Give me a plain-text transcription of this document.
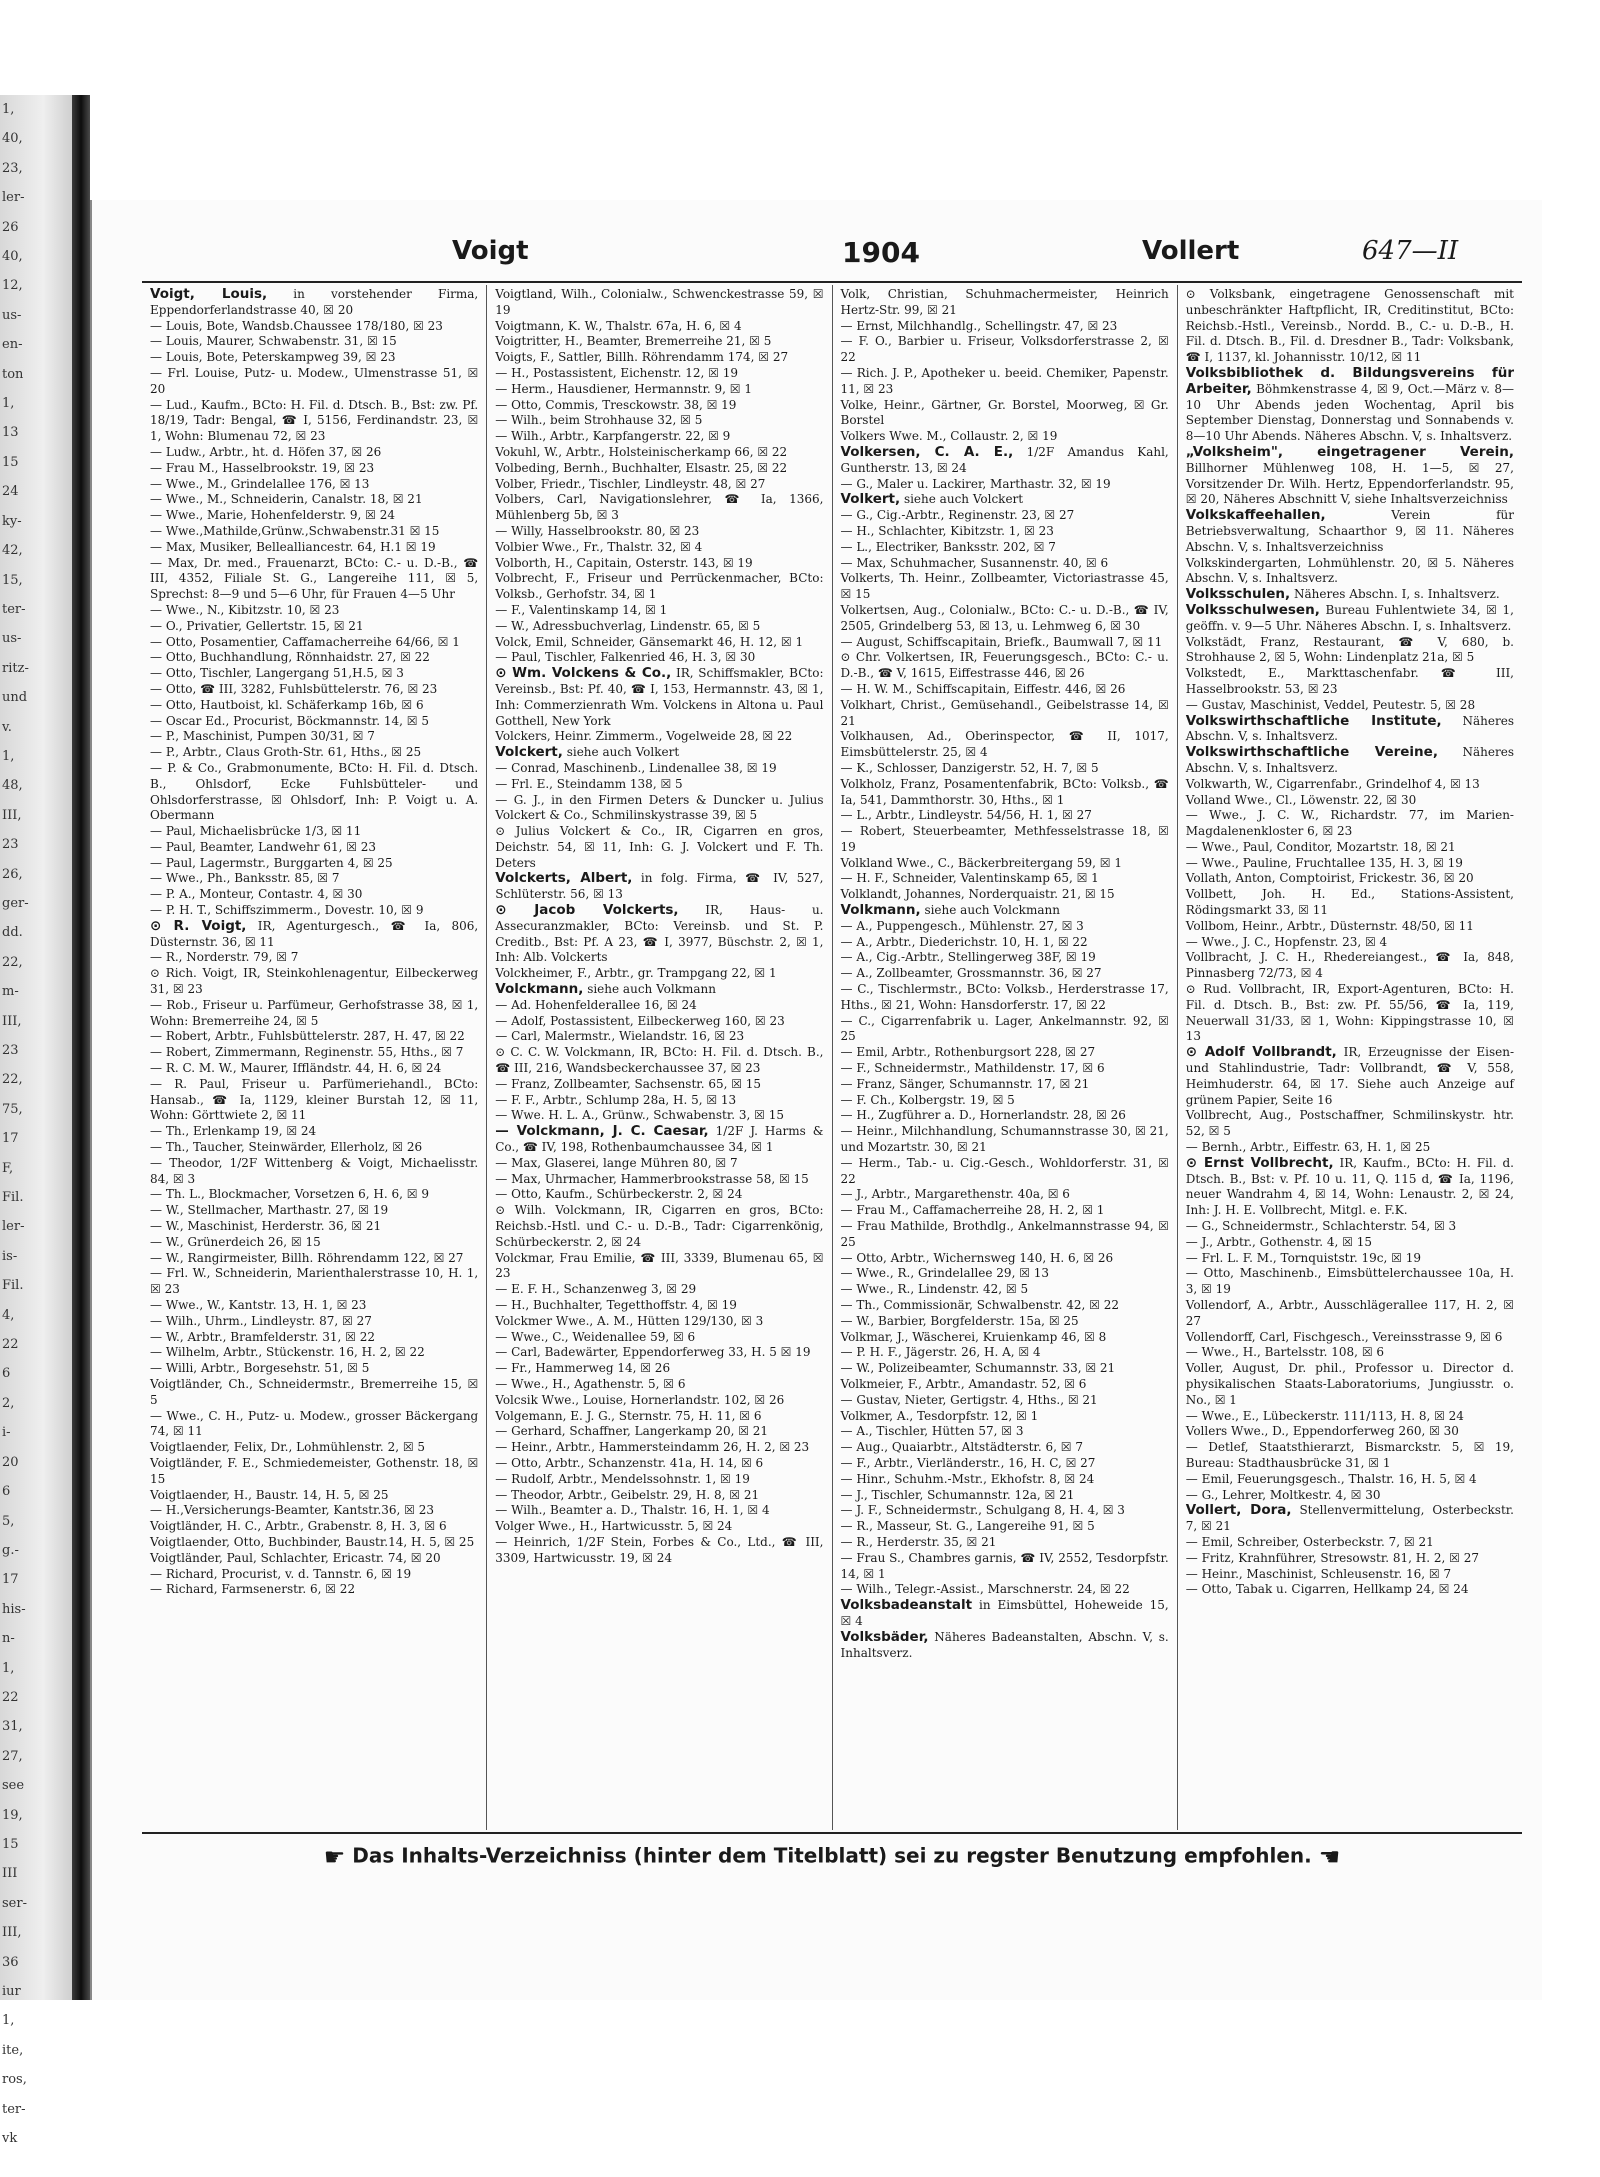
1,
40,
23,
ler-
26
40,
12,
us-
en-
ton
1,
13
15
24
ky-
42,
15,
ter-
us-
ritz-
und
v.
1,
48,
III,
23
26,
ger-
dd.
22,
m-
III,
23
22,
75,
17
F,
Fil.
ler-
is-
Fil.
4,
22
6
2,
i-
20
6
5,
g.-
17
his-
n-
1,
22
31,
27,
see
19,
15
III
ser-
III,
36
iur
1,
ite,
ros,
ter-
vk
Voigt	1904	Vollert	647—II

Voigt, Louis, in vorstehender Firma, Eppendorferlandstrasse 40, ☒ 20

— Louis, Bote, Wandsb.Chaussee 178/180, ☒ 23

— Louis, Maurer, Schwabenstr. 31, ☒ 15

— Louis, Bote, Peterskampweg 39, ☒ 23

— Frl. Louise, Putz- u. Modew., Ulmenstrasse 51, ☒ 20

— Lud., Kaufm., BCto: H. Fil. d. Dtsch. B., Bst: zw. Pf. 18/19, Tadr: Bengal, ☎ I, 5156, Ferdinandstr. 23, ☒ 1, Wohn: Blumenau 72, ☒ 23

— Ludw., Arbtr., ht. d. Höfen 37, ☒ 26

— Frau M., Hasselbrookstr. 19, ☒ 23

— Wwe., M., Grindelallee 176, ☒ 13

— Wwe., M., Schneiderin, Canalstr. 18, ☒ 21

— Wwe., Marie, Hohenfelderstr. 9, ☒ 24

— Wwe.,Mathilde,Grünw.,Schwabenstr.31 ☒ 15

— Max, Musiker, Bellealliancestr. 64, H.1 ☒ 19

— Max, Dr. med., Frauenarzt, BCto: C.- u. D.-B., ☎ III, 4352, Filiale St. G., Langereihe 111, ☒ 5, Sprechst: 8—9 und 5—6 Uhr, für Frauen 4—5 Uhr

— Wwe., N., Kibitzstr. 10, ☒ 23

— O., Privatier, Gellertstr. 15, ☒ 21

— Otto, Posamentier, Caffamacherreihe 64/66, ☒ 1

— Otto, Buchhandlung, Rönnhaidstr. 27, ☒ 22

— Otto, Tischler, Langergang 51,H.5, ☒ 3

— Otto, ☎ III, 3282, Fuhlsbüttelerstr. 76, ☒ 23

— Otto, Hautboist, kl. Schäferkamp 16b, ☒ 6

— Oscar Ed., Procurist, Böckmannstr. 14, ☒ 5

— P., Maschinist, Pumpen 30/31, ☒ 7

— P., Arbtr., Claus Groth-Str. 61, Hths., ☒ 25

— P. & Co., Grabmonumente, BCto: H. Fil. d. Dtsch. B., Ohlsdorf, Ecke Fuhlsbütteler- und Ohlsdorferstrasse, ☒ Ohlsdorf, Inh: P. Voigt u. A. Obermann

— Paul, Michaelisbrücke 1/3, ☒ 11

— Paul, Beamter, Landwehr 61, ☒ 23

— Paul, Lagermstr., Burggarten 4, ☒ 25

— Wwe., Ph., Banksstr. 85, ☒ 7

— P. A., Monteur, Contastr. 4, ☒ 30

— P. H. T., Schiffszimmerm., Dovestr. 10, ☒ 9

⊙ R. Voigt, IR, Agenturgesch., ☎ Ia, 806, Düsternstr. 36, ☒ 11

— R., Norderstr. 79, ☒ 7

⊙ Rich. Voigt, IR, Steinkohlenagentur, Eilbeckerweg 31, ☒ 23

— Rob., Friseur u. Parfümeur, Gerhofstrasse 38, ☒ 1, Wohn: Bremerreihe 24, ☒ 5

— Robert, Arbtr., Fuhlsbüttelerstr. 287, H. 47, ☒ 22

— Robert, Zimmermann, Reginenstr. 55, Hths., ☒ 7

— R. C. M. W., Maurer, Iffländstr. 44, H. 6, ☒ 24

— R. Paul, Friseur u. Parfümeriehandl., BCto: Hansab., ☎ Ia, 1129, kleiner Burstah 12, ☒ 11, Wohn: Görttwiete 2, ☒ 11

— Th., Erlenkamp 19, ☒ 24

— Th., Taucher, Steinwärder, Ellerholz, ☒ 26

— Theodor, 1/2F Wittenberg & Voigt, Michaelisstr. 84, ☒ 3

— Th. L., Blockmacher, Vorsetzen 6, H. 6, ☒ 9

— W., Stellmacher, Marthastr. 27, ☒ 19

— W., Maschinist, Herderstr. 36, ☒ 21

— W., Grünerdeich 26, ☒ 15

— W., Rangirmeister, Billh. Röhrendamm 122, ☒ 27

— Frl. W., Schneiderin, Marienthalerstrasse 10, H. 1, ☒ 23

— Wwe., W., Kantstr. 13, H. 1, ☒ 23

— Wilh., Uhrm., Lindleystr. 87, ☒ 27

— W., Arbtr., Bramfelderstr. 31, ☒ 22

— Wilhelm, Arbtr., Stückenstr. 16, H. 2, ☒ 22

— Willi, Arbtr., Borgesehstr. 51, ☒ 5

Voigtländer, Ch., Schneidermstr., Bremerreihe 15, ☒ 5

— Wwe., C. H., Putz- u. Modew., grosser Bäckergang 74, ☒ 11

Voigtlaender, Felix, Dr., Lohmühlenstr. 2, ☒ 5

Voigtländer, F. E., Schmiedemeister, Gothenstr. 18, ☒ 15

Voigtlaender, H., Baustr. 14, H. 5, ☒ 25

— H.,Versicherungs-Beamter, Kantstr.36, ☒ 23

Voigtländer, H. C., Arbtr., Grabenstr. 8, H. 3, ☒ 6

Voigtlaender, Otto, Buchbinder, Baustr.14, H. 5, ☒ 25

Voigtländer, Paul, Schlachter, Ericastr. 74, ☒ 20

— Richard, Procurist, v. d. Tannstr. 6, ☒ 19

— Richard, Farmsenerstr. 6, ☒ 22

Voigtland, Wilh., Colonialw., Schwenckestrasse 59, ☒ 19

Voigtmann, K. W., Thalstr. 67a, H. 6, ☒ 4

Voigtritter, H., Beamter, Bremerreihe 21, ☒ 5

Voigts, F., Sattler, Billh. Röhrendamm 174, ☒ 27

— H., Postassistent, Eichenstr. 12, ☒ 19

— Herm., Hausdiener, Hermannstr. 9, ☒ 1

— Otto, Commis, Tresckowstr. 38, ☒ 19

— Wilh., beim Strohhause 32, ☒ 5

— Wilh., Arbtr., Karpfangerstr. 22, ☒ 9

Vokuhl, W., Arbtr., Holsteinischerkamp 66, ☒ 22

Volbeding, Bernh., Buchhalter, Elsastr. 25, ☒ 22

Volber, Friedr., Tischler, Lindleystr. 48, ☒ 27

Volbers, Carl, Navigationslehrer, ☎ Ia, 1366, Mühlenberg 5b, ☒ 3

— Willy, Hasselbrookstr. 80, ☒ 23

Volbier Wwe., Fr., Thalstr. 32, ☒ 4

Volborth, H., Capitain, Osterstr. 143, ☒ 19

Volbrecht, F., Friseur und Perrückenmacher, BCto: Volksb., Gerhofstr. 34, ☒ 1

— F., Valentinskamp 14, ☒ 1

— W., Adressbuchverlag, Lindenstr. 65, ☒ 5

Volck, Emil, Schneider, Gänsemarkt 46, H. 12, ☒ 1

— Paul, Tischler, Falkenried 46, H. 3, ☒ 30

⊙ Wm. Volckens & Co., IR, Schiffsmakler, BCto: Vereinsb., Bst: Pf. 40, ☎ I, 153, Hermannstr. 43, ☒ 1, Inh: Commerzienrath Wm. Volckens in Altona u. Paul Gotthell, New York

Volckers, Heinr. Zimmerm., Vogelweide 28, ☒ 22

Volckert, siehe auch Volkert

— Conrad, Maschinenb., Lindenallee 38, ☒ 19

— Frl. E., Steindamm 138, ☒ 5

— G. J., in den Firmen Deters & Duncker u. Julius Volckert & Co., Schmilinskystrasse 39, ☒ 5

⊙ Julius Volckert & Co., IR, Cigarren en gros, Deichstr. 54, ☒ 11, Inh: G. J. Volckert und F. Th. Deters

Volckerts, Albert, in folg. Firma, ☎ IV, 527, Schlüterstr. 56, ☒ 13

⊙ Jacob Volckerts, IR, Haus- u. Assecuranzmakler, BCto: Vereinsb. und St. P. Creditb., Bst: Pf. A 23, ☎ I, 3977, Büschstr. 2, ☒ 1, Inh: Alb. Volckerts

Volckheimer, F., Arbtr., gr. Trampgang 22, ☒ 1

Volckmann, siehe auch Volkmann

— Ad. Hohenfelderallee 16, ☒ 24

— Adolf, Postassistent, Eilbeckerweg 160, ☒ 23

— Carl, Malermstr., Wielandstr. 16, ☒ 23

⊙ C. C. W. Volckmann, IR, BCto: H. Fil. d. Dtsch. B., ☎ III, 216, Wandsbeckerchaussee 37, ☒ 23

— Franz, Zollbeamter, Sachsenstr. 65, ☒ 15

— F. F., Arbtr., Schlump 28a, H. 5, ☒ 13

— Wwe. H. L. A., Grünw., Schwabenstr. 3, ☒ 15

— Volckmann, J. C. Caesar, 1/2F J. Harms & Co., ☎ IV, 198, Rothenbaumchaussee 34, ☒ 1

— Max, Glaserei, lange Mühren 80, ☒ 7

— Max, Uhrmacher, Hammerbrookstrasse 58, ☒ 15

— Otto, Kaufm., Schürbeckerstr. 2, ☒ 24

⊙ Wilh. Volckmann, IR, Cigarren en gros, BCto: Reichsb.-Hstl. und C.- u. D.-B., Tadr: Cigarrenkönig, Schürbeckerstr. 2, ☒ 24

Volckmar, Frau Emilie, ☎ III, 3339, Blumenau 65, ☒ 23

— E. F. H., Schanzenweg 3, ☒ 29

— H., Buchhalter, Tegetthoffstr. 4, ☒ 19

Volckmer Wwe., A. M., Hütten 129/130, ☒ 3

— Wwe., C., Weidenallee 59, ☒ 6

— Carl, Badewärter, Eppendorferweg 33, H. 5 ☒ 19

— Fr., Hammerweg 14, ☒ 26

— Wwe., H., Agathenstr. 5, ☒ 6

Volcsik Wwe., Louise, Hornerlandstr. 102, ☒ 26

Volgemann, E. J. G., Sternstr. 75, H. 11, ☒ 6

— Gerhard, Schaffner, Langerkamp 20, ☒ 21

— Heinr., Arbtr., Hammersteindamm 26, H. 2, ☒ 23

— Otto, Arbtr., Schanzenstr. 41a, H. 14, ☒ 6

— Rudolf, Arbtr., Mendelssohnstr. 1, ☒ 19

— Theodor, Arbtr., Geibelstr. 29, H. 8, ☒ 21

— Wilh., Beamter a. D., Thalstr. 16, H. 1, ☒ 4

Volger Wwe., H., Hartwicusstr. 5, ☒ 24

— Heinrich, 1/2F Stein, Forbes & Co., Ltd., ☎ III, 3309, Hartwicusstr. 19, ☒ 24

Volk, Christian, Schuhmachermeister, Heinrich Hertz-Str. 99, ☒ 21

— Ernst, Milchhandlg., Schellingstr. 47, ☒ 23

— F. O., Barbier u. Friseur, Volksdorferstrasse 2, ☒ 22

— Rich. J. P., Apotheker u. beeid. Chemiker, Papenstr. 11, ☒ 23

Volke, Heinr., Gärtner, Gr. Borstel, Moorweg, ☒ Gr. Borstel

Volkers Wwe. M., Collaustr. 2, ☒ 19

Volkersen, C. A. E., 1/2F Amandus Kahl, Guntherstr. 13, ☒ 24

— G., Maler u. Lackirer, Marthastr. 32, ☒ 19

Volkert, siehe auch Volckert

— G., Cig.-Arbtr., Reginenstr. 23, ☒ 27

— H., Schlachter, Kibitzstr. 1, ☒ 23

— L., Electriker, Banksstr. 202, ☒ 7

— Max, Schuhmacher, Susannenstr. 40, ☒ 6

Volkerts, Th. Heinr., Zollbeamter, Victoriastrasse 45, ☒ 15

Volkertsen, Aug., Colonialw., BCto: C.- u. D.-B., ☎ IV, 2505, Grindelberg 53, ☒ 13, u. Lehmweg 6, ☒ 30

— August, Schiffscapitain, Briefk., Baumwall 7, ☒ 11

⊙ Chr. Volkertsen, IR, Feuerungsgesch., BCto: C.- u. D.-B., ☎ V, 1615, Eiffestrasse 446, ☒ 26

— H. W. M., Schiffscapitain, Eiffestr. 446, ☒ 26

Volkhart, Christ., Gemüsehandl., Geibelstrasse 14, ☒ 21

Volkhausen, Ad., Oberinspector, ☎ II, 1017, Eimsbüttelerstr. 25, ☒ 4

— K., Schlosser, Danzigerstr. 52, H. 7, ☒ 5

Volkholz, Franz, Posamentenfabrik, BCto: Volksb., ☎ Ia, 541, Dammthorstr. 30, Hths., ☒ 1

— L., Arbtr., Lindleystr. 54/56, H. 1, ☒ 27

— Robert, Steuerbeamter, Methfesselstrasse 18, ☒ 19

Volkland Wwe., C., Bäckerbreitergang 59, ☒ 1

— H. F., Schneider, Valentinskamp 65, ☒ 1

Volklandt, Johannes, Norderquaistr. 21, ☒ 15

Volkmann, siehe auch Volckmann

— A., Puppengesch., Mühlenstr. 27, ☒ 3

— A., Arbtr., Diederichstr. 10, H. 1, ☒ 22

— A., Cig.-Arbtr., Stellingerweg 38F, ☒ 19

— A., Zollbeamter, Grossmannstr. 36, ☒ 27

— C., Tischlermstr., BCto: Volksb., Herderstrasse 17, Hths., ☒ 21, Wohn: Hansdorferstr. 17, ☒ 22

— C., Cigarrenfabrik u. Lager, Ankelmannstr. 92, ☒ 25

— Emil, Arbtr., Rothenburgsort 228, ☒ 27

— F., Schneidermstr., Mathildenstr. 17, ☒ 6

— Franz, Sänger, Schumannstr. 17, ☒ 21

— F. Ch., Kolbergstr. 19, ☒ 5

— H., Zugführer a. D., Hornerlandstr. 28, ☒ 26

— Heinr., Milchhandlung, Schumannstrasse 30, ☒ 21, und Mozartstr. 30, ☒ 21

— Herm., Tab.- u. Cig.-Gesch., Wohldorferstr. 31, ☒ 22

— J., Arbtr., Margarethenstr. 40a, ☒ 6

— Frau M., Caffamacherreihe 28, H. 2, ☒ 1

— Frau Mathilde, Brothdlg., Ankelmannstrasse 94, ☒ 25

— Otto, Arbtr., Wichernsweg 140, H. 6, ☒ 26

— Wwe., R., Grindelallee 29, ☒ 13

— Wwe., R., Lindenstr. 42, ☒ 5

— Th., Commissionär, Schwalbenstr. 42, ☒ 22

— W., Barbier, Borgfelderstr. 15a, ☒ 25

Volkmar, J., Wäscherei, Kruienkamp 46, ☒ 8

— P. H. F., Jägerstr. 26, H. A, ☒ 4

— W., Polizeibeamter, Schumannstr. 33, ☒ 21

Volkmeier, F., Arbtr., Amandastr. 52, ☒ 6

— Gustav, Nieter, Gertigstr. 4, Hths., ☒ 21

Volkmer, A., Tesdorpfstr. 12, ☒ 1

— A., Tischler, Hütten 57, ☒ 3

— Aug., Quaiarbtr., Altstädterstr. 6, ☒ 7

— F., Arbtr., Vierländerstr., 16, H. C, ☒ 27

— Hinr., Schuhm.-Mstr., Ekhofstr. 8, ☒ 24

— J., Tischler, Schumannstr. 12a, ☒ 21

— J. F., Schneidermstr., Schulgang 8, H. 4, ☒ 3

— R., Masseur, St. G., Langereihe 91, ☒ 5

— R., Herderstr. 35, ☒ 21

— Frau S., Chambres garnis, ☎ IV, 2552, Tesdorpfstr. 14, ☒ 1

— Wilh., Telegr.-Assist., Marschnerstr. 24, ☒ 22

Volksbadeanstalt in Eimsbüttel, Hoheweide 15, ☒ 4

Volksbäder, Näheres Badeanstalten, Abschn. V, s. Inhaltsverz.

⊙ Volksbank, eingetragene Genossenschaft mit unbeschränkter Haftpflicht, IR, Creditinstitut, BCto: Reichsb.-Hstl., Vereinsb., Nordd. B., C.- u. D.-B., H. Fil. d. Dtsch. B., Fil. d. Dresdner B., Tadr: Volksbank, ☎ I, 1137, kl. Johannisstr. 10/12, ☒ 11

Volksbibliothek d. Bildungsvereins für Arbeiter, Böhmkenstrasse 4, ☒ 9, Oct.—März v. 8—10 Uhr Abends jeden Wochentag, April bis September Dienstag, Donnerstag und Sonnabends v. 8—10 Uhr Abends. Näheres Abschn. V, s. Inhaltsverz.

„Volksheim", eingetragener Verein, Billhorner Mühlenweg 108, H. 1—5, ☒ 27, Vorsitzender Dr. Wilh. Hertz, Eppendorferlandstr. 95, ☒ 20, Näheres Abschnitt V, siehe Inhaltsverzeichniss

Volkskaffeehallen, Verein für Betriebsverwaltung, Schaarthor 9, ☒ 11. Näheres Abschn. V, s. Inhaltsverzeichniss

Volkskindergarten, Lohmühlenstr. 20, ☒ 5. Näheres Abschn. V, s. Inhaltsverz.

Volksschulen, Näheres Abschn. I, s. Inhaltsverz.

Volksschulwesen, Bureau Fuhlentwiete 34, ☒ 1, geöffn. v. 9—5 Uhr. Näheres Abschn. I, s. Inhaltsverz.

Volkstädt, Franz, Restaurant, ☎ V, 680, b. Strohhause 2, ☒ 5, Wohn: Lindenplatz 21a, ☒ 5

Volkstedt, E., Markttaschenfabr. ☎ III, Hasselbrookstr. 53, ☒ 23

— Gustav, Maschinist, Veddel, Peutestr. 5, ☒ 28

Volkswirthschaftliche Institute, Näheres Abschn. V, s. Inhaltsverz.

Volkswirthschaftliche Vereine, Näheres Abschn. V, s. Inhaltsverz.

Volkwarth, W., Cigarrenfabr., Grindelhof 4, ☒ 13

Volland Wwe., Cl., Löwenstr. 22, ☒ 30

— Wwe., J. C. W., Richardstr. 77, im Marien-Magdalenenkloster 6, ☒ 23

— Wwe., Paul, Conditor, Mozartstr. 18, ☒ 21

— Wwe., Pauline, Fruchtallee 135, H. 3, ☒ 19

Vollath, Anton, Comptoirist, Frickestr. 36, ☒ 20

Vollbett, Joh. H. Ed., Stations-Assistent, Rödingsmarkt 33, ☒ 11

Vollbom, Heinr., Arbtr., Düsternstr. 48/50, ☒ 11

— Wwe., J. C., Hopfenstr. 23, ☒ 4

Vollbracht, J. C. H., Rhedereiangest., ☎ Ia, 848, Pinnasberg 72/73, ☒ 4

⊙ Rud. Vollbracht, IR, Export-Agenturen, BCto: H. Fil. d. Dtsch. B., Bst: zw. Pf. 55/56, ☎ Ia, 119, Neuerwall 31/33, ☒ 1, Wohn: Kippingstrasse 10, ☒ 13

⊙ Adolf Vollbrandt, IR, Erzeugnisse der Eisen- und Stahlindustrie, Tadr: Vollbrandt, ☎ V, 558, Heimhuderstr. 64, ☒ 17. Siehe auch Anzeige auf grünem Papier, Seite 16

Vollbrecht, Aug., Postschaffner, Schmilinskystr. htr. 52, ☒ 5

— Bernh., Arbtr., Eiffestr. 63, H. 1, ☒ 25

⊙ Ernst Vollbrecht, IR, Kaufm., BCto: H. Fil. d. Dtsch. B., Bst: v. Pf. 10 u. 11, Q. 115 d, ☎ Ia, 1196, neuer Wandrahm 4, ☒ 14, Wohn: Lenaustr. 2, ☒ 24, Inh: J. H. E. Vollbrecht, Mitgl. e. F.K.

— G., Schneidermstr., Schlachterstr. 54, ☒ 3

— J., Arbtr., Gothenstr. 4, ☒ 15

— Frl. L. F. M., Tornquiststr. 19c, ☒ 19

— Otto, Maschinenb., Eimsbüttelerchaussee 10a, H. 3, ☒ 19

Vollendorf, A., Arbtr., Ausschlägerallee 117, H. 2, ☒ 27

Vollendorff, Carl, Fischgesch., Vereinsstrasse 9, ☒ 6

— Wwe., H., Bartelsstr. 108, ☒ 6

Voller, August, Dr. phil., Professor u. Director d. physikalischen Staats-Laboratoriums, Jungiusstr. o. No., ☒ 1

— Wwe., E., Lübeckerstr. 111/113, H. 8, ☒ 24

Vollers Wwe., D., Eppendorferweg 260, ☒ 30

— Detlef, Staatsthierarzt, Bismarckstr. 5, ☒ 19, Bureau: Stadthausbrücke 31, ☒ 1

— Emil, Feuerungsgesch., Thalstr. 16, H. 5, ☒ 4

— G., Lehrer, Moltkestr. 4, ☒ 30

Vollert, Dora, Stellenvermittelung, Osterbeckstr. 7, ☒ 21

— Emil, Schreiber, Osterbeckstr. 7, ☒ 21

— Fritz, Krahnführer, Stresowstr. 81, H. 2, ☒ 27

— Heinr., Maschinist, Schleusenstr. 16, ☒ 7

— Otto, Tabak u. Cigarren, Hellkamp 24, ☒ 24

☛ Das Inhalts-Verzeichniss (hinter dem Titelblatt) sei zu regster Benutzung empfohlen. ☚
